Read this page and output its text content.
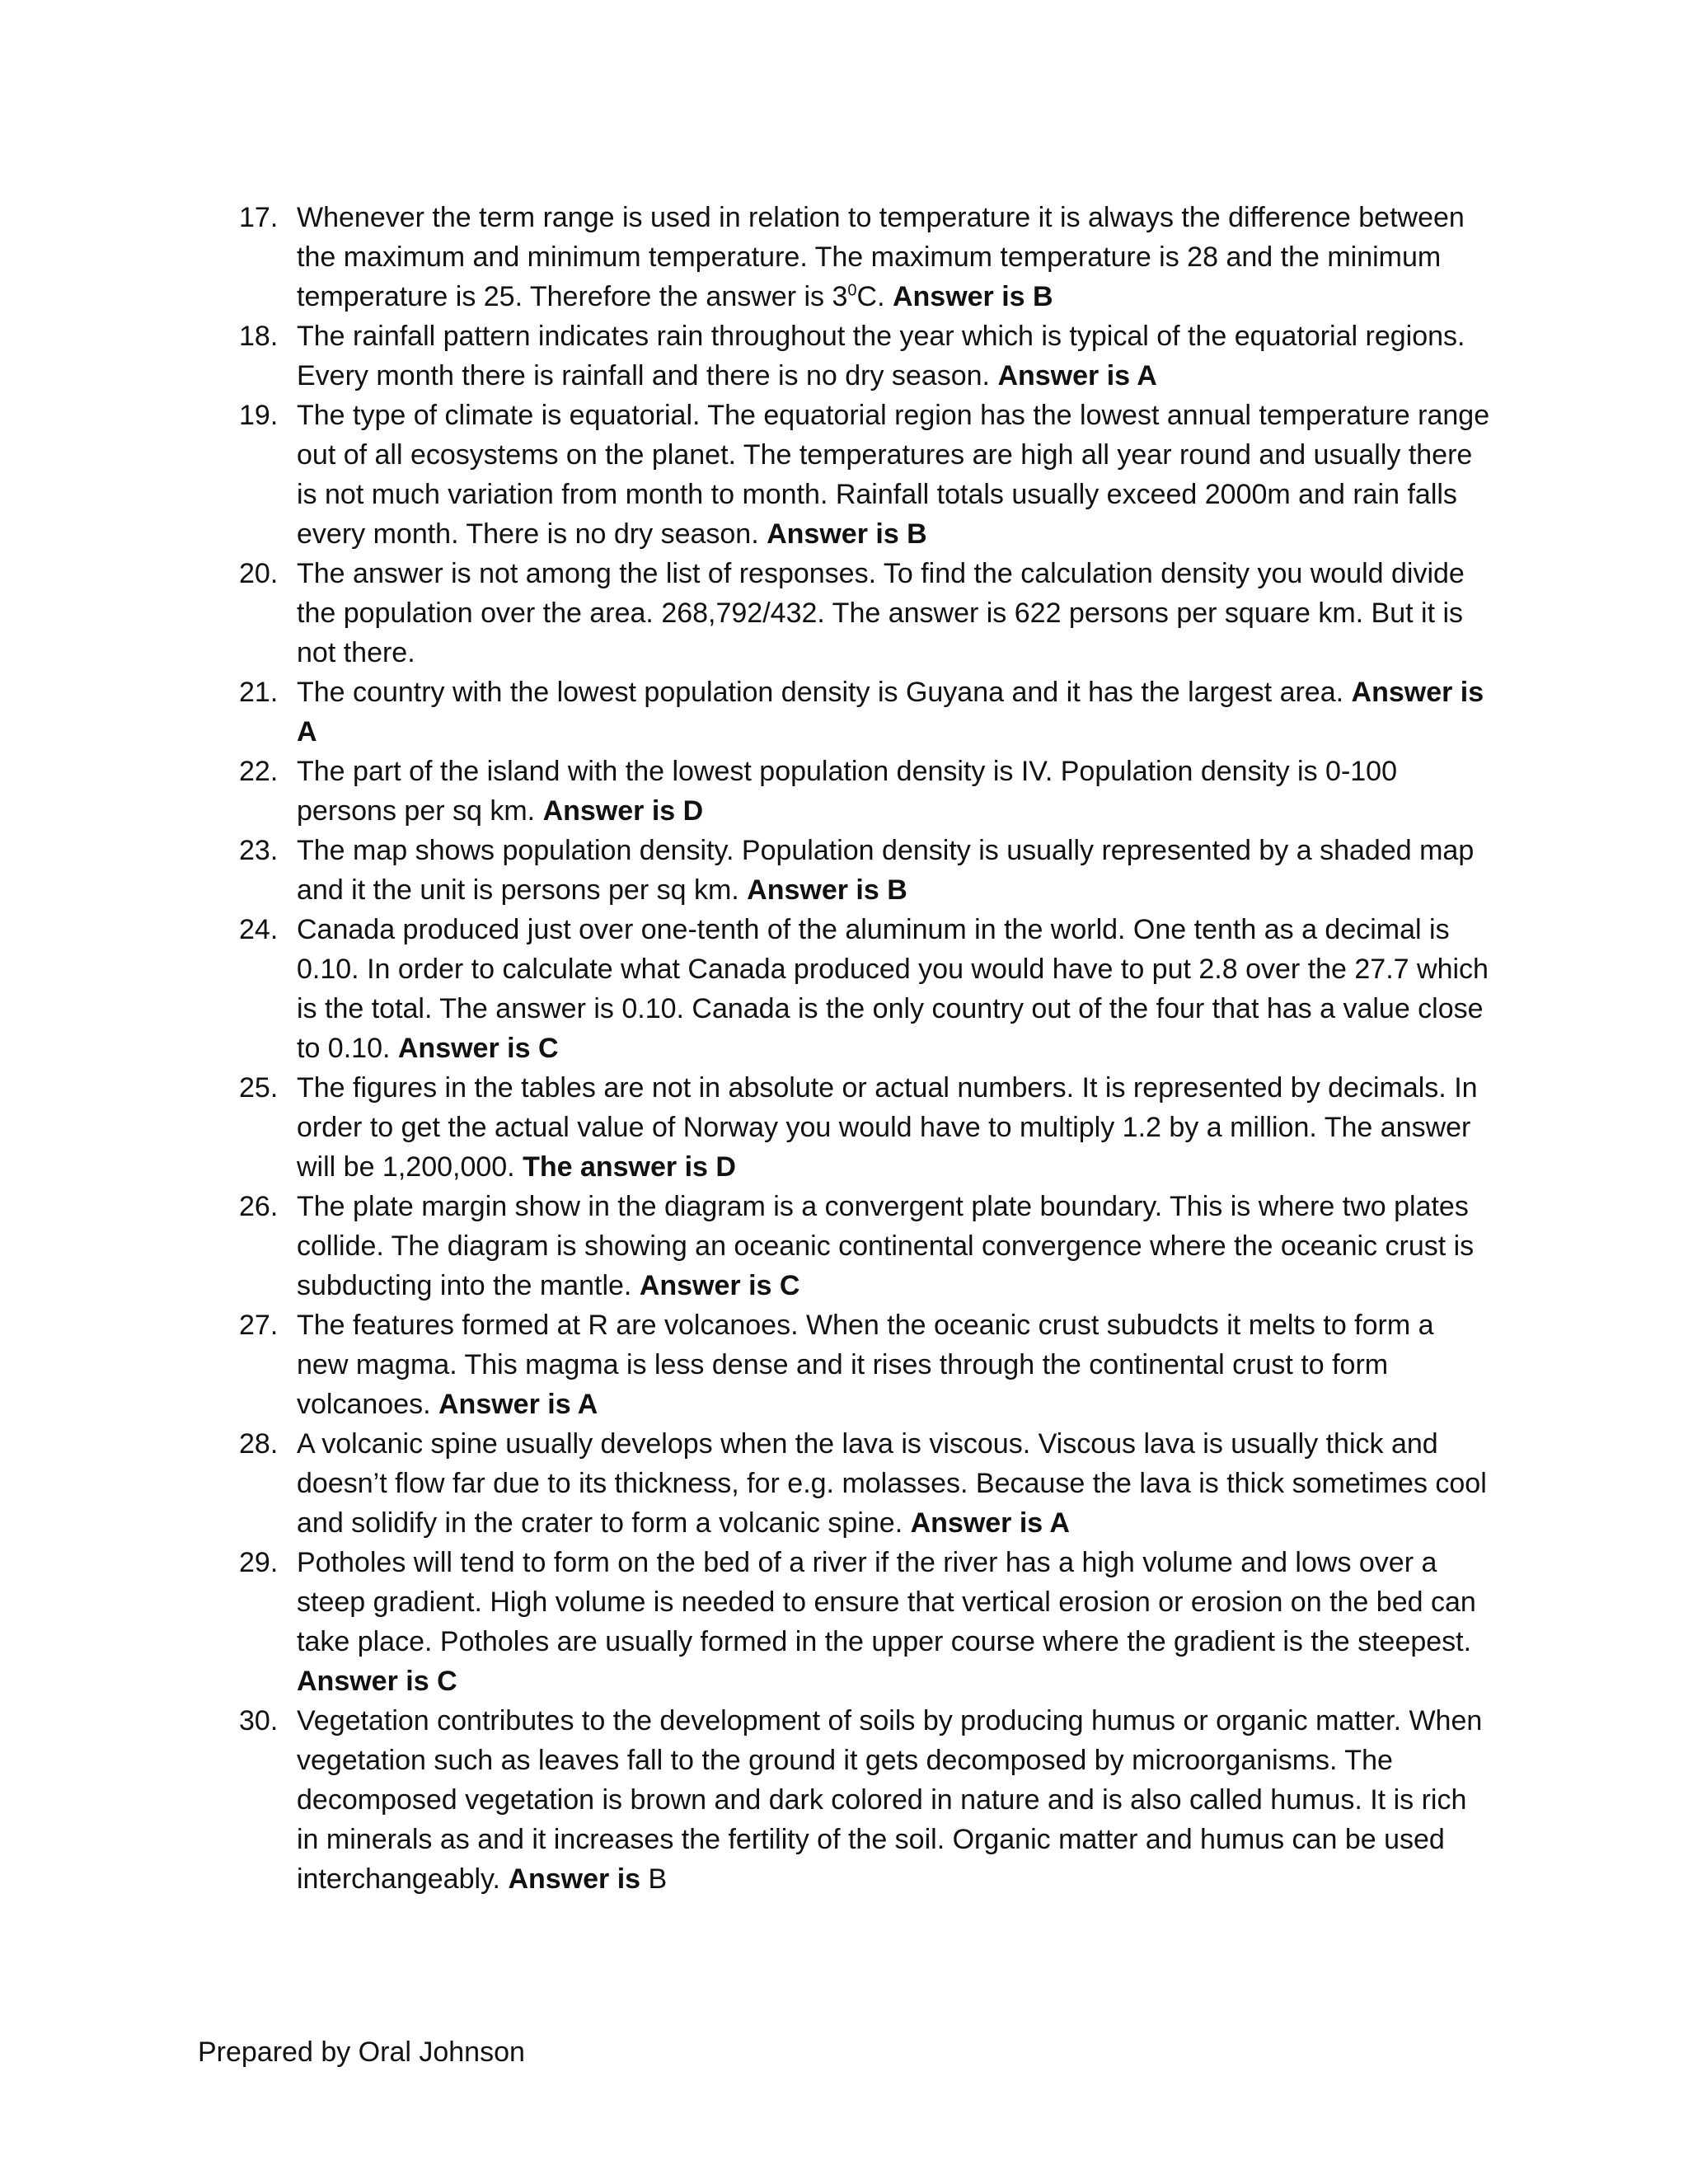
17. Whenever the term range is used in relation to temperature it is always the difference between the maximum and minimum temperature. The maximum temperature is 28 and the minimum temperature is 25. Therefore the answer is $3^0C$. Answer is B
18. The rainfall pattern indicates rain throughout the year which is typical of the equatorial regions. Every month there is rainfall and there is no dry season. Answer is A
19. The type of climate is equatorial. The equatorial region has the lowest annual temperature range out of all ecosystems on the planet. The temperatures are high all year round and usually there is not much variation from month to month. Rainfall totals usually exceed 2000m and rain falls every month. There is no dry season. Answer is B
20. The answer is not among the list of responses. To find the calculation density you would divide the population over the area. 268,792/432. The answer is 622 persons per square km. But it is not there.
21. The country with the lowest population density is Guyana and it has the largest area. Answer is A
22. The part of the island with the lowest population density is IV. Population density is 0-100 persons per sq km. Answer is D
23. The map shows population density. Population density is usually represented by a shaded map and it the unit is persons per sq km. Answer is B
24. Canada produced just over one-tenth of the aluminum in the world. One tenth as a decimal is 0.10. In order to calculate what Canada produced you would have to put 2.8 over the 27.7 which is the total. The answer is 0.10. Canada is the only country out of the four that has a value close to 0.10. Answer is C
25. The figures in the tables are not in absolute or actual numbers. It is represented by decimals. In order to get the actual value of Norway you would have to multiply 1.2 by a million. The answer will be 1,200,000. The answer is D
26. The plate margin show in the diagram is a convergent plate boundary. This is where two plates collide. The diagram is showing an oceanic continental convergence where the oceanic crust is subducting into the mantle. Answer is C
27. The features formed at R are volcanoes. When the oceanic crust subudcts it melts to form a new magma. This magma is less dense and it rises through the continental crust to form volcanoes. Answer is A
28. A volcanic spine usually develops when the lava is viscous. Viscous lava is usually thick and doesn’t flow far due to its thickness, for e.g. molasses. Because the lava is thick sometimes cool and solidify in the crater to form a volcanic spine. Answer is A
29. Potholes will tend to form on the bed of a river if the river has a high volume and lows over a steep gradient. High volume is needed to ensure that vertical erosion or erosion on the bed can take place. Potholes are usually formed in the upper course where the gradient is the steepest. Answer is C
30. Vegetation contributes to the development of soils by producing humus or organic matter. When vegetation such as leaves fall to the ground it gets decomposed by microorganisms. The decomposed vegetation is brown and dark colored in nature and is also called humus. It is rich in minerals as and it increases the fertility of the soil. Organic matter and humus can be used interchangeably. Answer is B
Prepared by Oral Johnson
